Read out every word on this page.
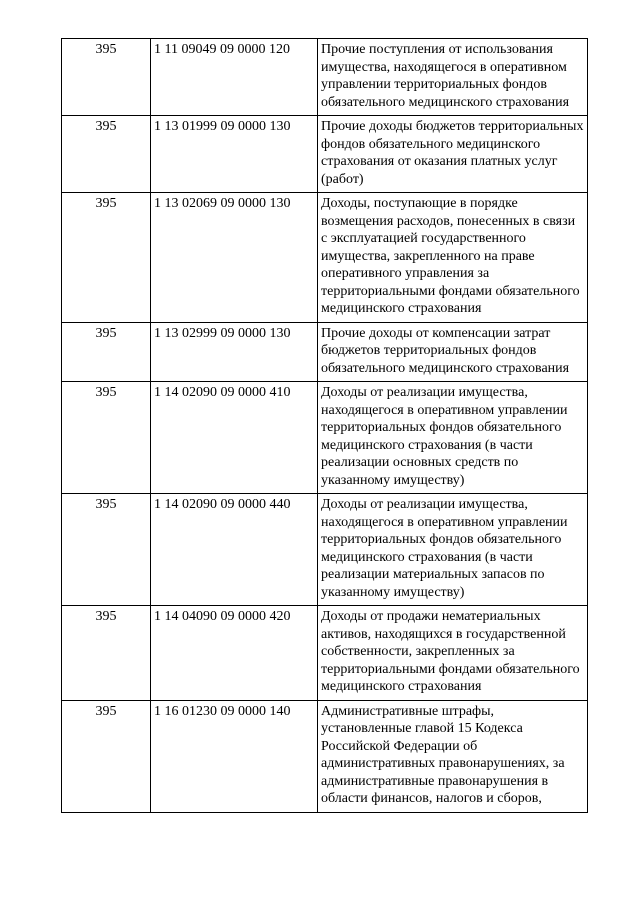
395	1 11 09049 09 0000 120	Прочие поступления от использования имущества, находящегося в оперативном управлении территориальных фондов обязательного медицинского страхования
395	1 13 01999 09 0000 130	Прочие доходы бюджетов территориальных фондов обязательного медицинского страхования от оказания платных услуг (работ)
395	1 13 02069 09 0000 130	Доходы, поступающие в порядке возмещения расходов, понесенных в связи с эксплуатацией государственного имущества, закрепленного на праве оперативного управления за территориальными фондами обязательного медицинского страхования
395	1 13 02999 09 0000 130	Прочие доходы от компенсации затрат бюджетов территориальных фондов обязательного медицинского страхования
395	1 14 02090 09 0000 410	Доходы от реализации имущества, находящегося в оперативном управлении территориальных фондов обязательного медицинского страхования (в части реализации основных средств по указанному имуществу)
395	1 14 02090 09 0000 440	Доходы от реализации имущества, находящегося в оперативном управлении территориальных фондов обязательного медицинского страхования (в части реализации материальных запасов по указанному имуществу)
395	1 14 04090 09 0000 420	Доходы от продажи нематериальных активов, находящихся в государственной собственности, закрепленных за территориальными фондами обязательного медицинского страхования
395	1 16 01230 09 0000 140	Административные штрафы, установленные главой 15 Кодекса Российской Федерации об административных правонарушениях, за административные правонарушения в области финансов, налогов и сборов,
